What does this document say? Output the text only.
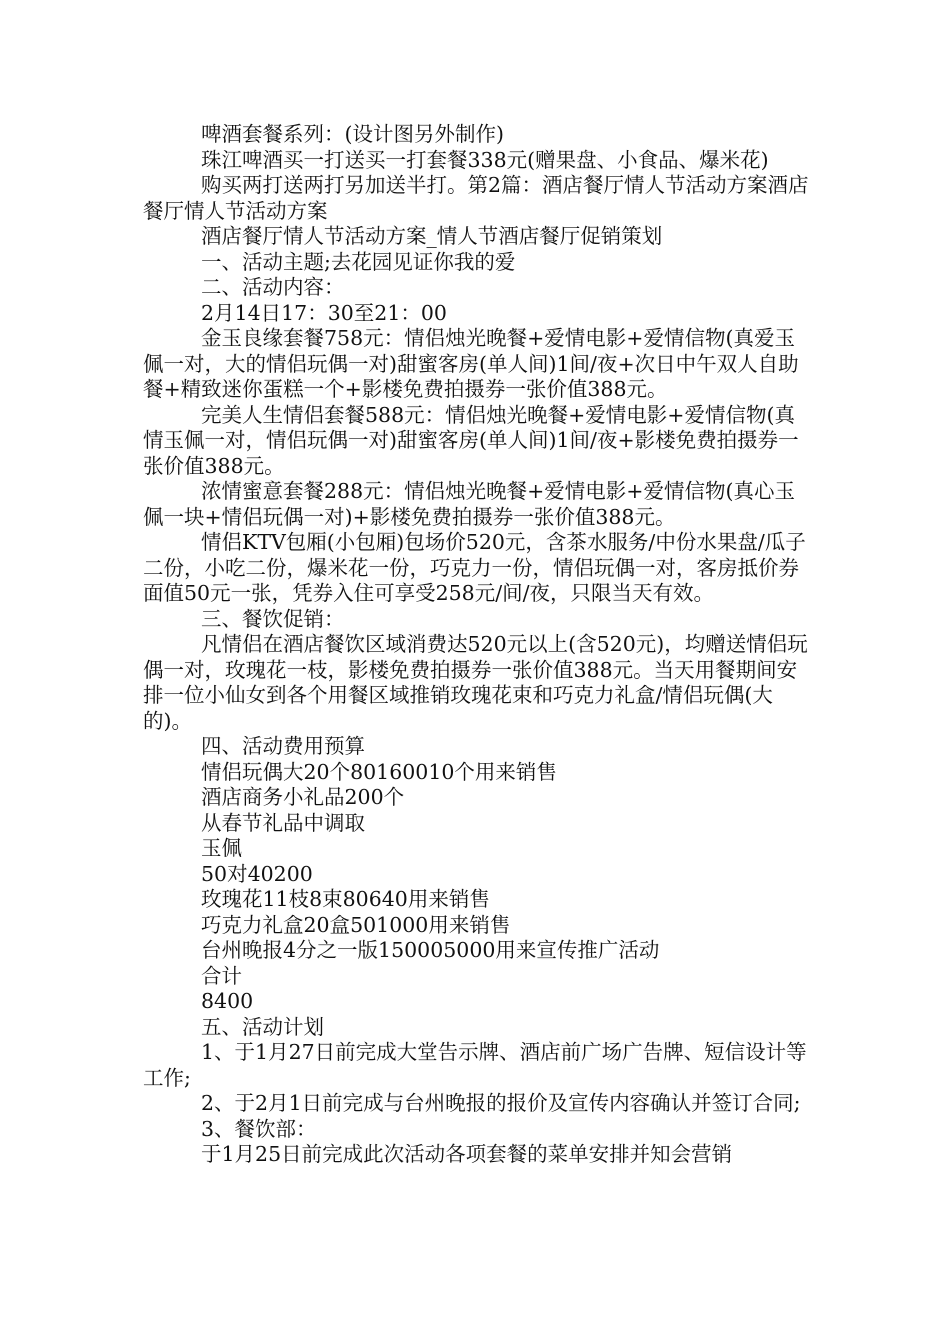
啤酒套餐系列：(设计图另外制作)

珠江啤酒买一打送买一打套餐338元(赠果盘、小食品、爆米花)

购买两打送两打另加送半打。第2篇：酒店餐厅情人节活动方案酒店餐厅情人节活动方案

酒店餐厅情人节活动方案_情人节酒店餐厅促销策划

一、活动主题;去花园见证你我的爱

二、活动内容：

2月14日17：30至21：00

金玉良缘套餐758元：情侣烛光晚餐+爱情电影+爱情信物(真爱玉佩一对，大的情侣玩偶一对)甜蜜客房(单人间)1间/夜+次日中午双人自助餐+精致迷你蛋糕一个+影楼免费拍摄券一张价值388元。

完美人生情侣套餐588元：情侣烛光晚餐+爱情电影+爱情信物(真情玉佩一对，情侣玩偶一对)甜蜜客房(单人间)1间/夜+影楼免费拍摄券一张价值388元。

浓情蜜意套餐288元：情侣烛光晚餐+爱情电影+爱情信物(真心玉佩一块+情侣玩偶一对)+影楼免费拍摄券一张价值388元。

情侣KTV包厢(小包厢)包场价520元，含茶水服务/中份水果盘/瓜子二份，小吃二份，爆米花一份，巧克力一份，情侣玩偶一对，客房抵价券面值50元一张，凭券入住可享受258元/间/夜，只限当天有效。

三、餐饮促销：

凡情侣在酒店餐饮区域消费达520元以上(含520元)，均赠送情侣玩偶一对，玫瑰花一枝，影楼免费拍摄券一张价值388元。当天用餐期间安排一位小仙女到各个用餐区域推销玫瑰花束和巧克力礼盒/情侣玩偶(大的)。

四、活动费用预算

情侣玩偶大20个80160010个用来销售

酒店商务小礼品200个

从春节礼品中调取

玉佩

50对40200

玫瑰花11枝8束80640用来销售

巧克力礼盒20盒501000用来销售

台州晚报4分之一版150005000用来宣传推广活动

合计

8400

五、活动计划

1、于1月27日前完成大堂告示牌、酒店前广场广告牌、短信设计等工作;

2、于2月1日前完成与台州晚报的报价及宣传内容确认并签订合同;

3、餐饮部：

于1月25日前完成此次活动各项套餐的菜单安排并知会营销
